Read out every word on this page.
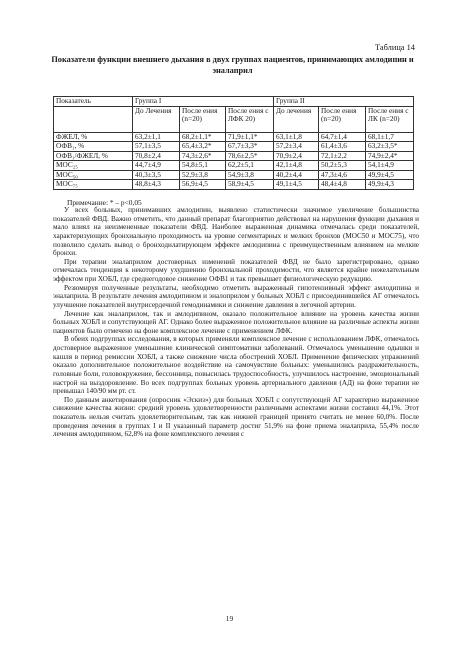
Таблица 14
Показатели функции внешнего дыхания в двух группах пациентов, принимающих амлодипин и эналаприл
Показатель	Группа I			Группа II		
	До Лечения	После ения (n=20)	После ения с ЛФК 20)	До лечения	После ения (n=20)	После ения с ЛК (n=20)
ФЖЕЛ, %	63,2±1,1	68,2±1,1*	71,9±1,1*	63,1±1,8	64,7±1,4	68,1±1,7
ОФВ₁, %	57,1±3,5	65,4±3,2*	67,7±3,3*	57,2±3,4	61,4±3,6	63,2±3,5*
ОФВ₁/ФЖЕЛ, %	70,8±2,4	74,3±2,6*	78,6±2,5*	70,9±2,4	72,1±2,2	74,9±2,4*
МОС₂₅	44,7±4,9	54,8±5,1	62,2±5,1	42,1±4,8	50,2±5,3	54,1±4,9
МОС₅₀	40,3±3,5	52,9±3,8	54,9±3,8	40,2±4,4	47,3±4,6	49,9±4,5
МОС₇₅	48,8±4,3	56,9±4,5	58,9±4,5	49,1±4,5	48,4±4,8	49,9±4,3
Примечание: * – p<0,05

У всех больных, принимавших амлодипин, выявлено статистически значимое увеличение большинства показателей ФВД. Важно отметить, что данный препарат благоприятно действовал на нарушения функции дыхания и мало влиял на неизмененные показатели ФВД. Наиболее выраженная динамика отмечалась среди показателей, характеризующих бронхиальную проходимость на уровне сегментарных и мелких бронхов (МОС50 и МОС75), что позволило сделать вывод о бронходилатирующем эффекте амлодипина с преимущественным влиянием на мелкие бронхи.

При терапии эналаприлом достоверных изменений показателей ФВД не было зарегистрировано, однако отмечалась тенденция к некоторому ухудшению бронхиальной проходимости, что является крайне нежелательным эффектом при ХОБЛ, где среднегодовое снижение ОФВ1 и так превышает физиологическую редукцию.

Резюмируя полученные результаты, необходимо отметить выраженный гипотензивный эффект амлодипина и эналаприла. В результате лечения амлодипином и эналоприлом у больных ХОБЛ с присоединившейся АГ отмечалось улучшение показателей внутрисердечной гемодинамики и снижение давления в легочной артерии.

Лечение как эналаприлом, так и амлодипином, оказало положительное влияние на уровень качества жизни больных ХОБЛ и сопутствующей АГ. Однако более выраженное положительное влияние на различные аспекты жизни пациентов было отмечено на фоне комплексное лечение с применением ЛФК.

В обеих подгруппах исследования, в которых применяли комплексное лечение с использованием ЛФК, отмечалось достоверное выраженное уменьшение клинической симптоматики заболеваний. Отмечалось уменьшение одышки и кашля в период ремиссии ХОБЛ, а также снижение числа обострений ХОБЛ. Применение физических упражнений оказало дополнительное положительное воздействие на самочувствие больных: уменьшились раздражительность, головные боли, головокружение, бессонница, повысилась трудоспособность, улучшилось настроение, эмоциональный настрой на выздоровление. Во всех подгруппах больных уровень артериального давления (АД) на фоне терапии не превышал 140/90 мм рт. ст.

По данным анкетирования (опросник «Эскиз») для больных ХОБЛ с сопутствующей АГ характерно выраженное снижение качества жизни: средний уровень удовлетворенности различными аспектами жизни составил 44,1%. Этот показатель нельзя считать удовлетворительным, так как нижней границей принято считать не менее 60,0%. После проведения лечения в группах I и II указанный параметр достиг 51,9% на фоне приема эналаприла, 55,4% после лечения амлодипином, 62,8% на фоне комплексного лечения с

19
